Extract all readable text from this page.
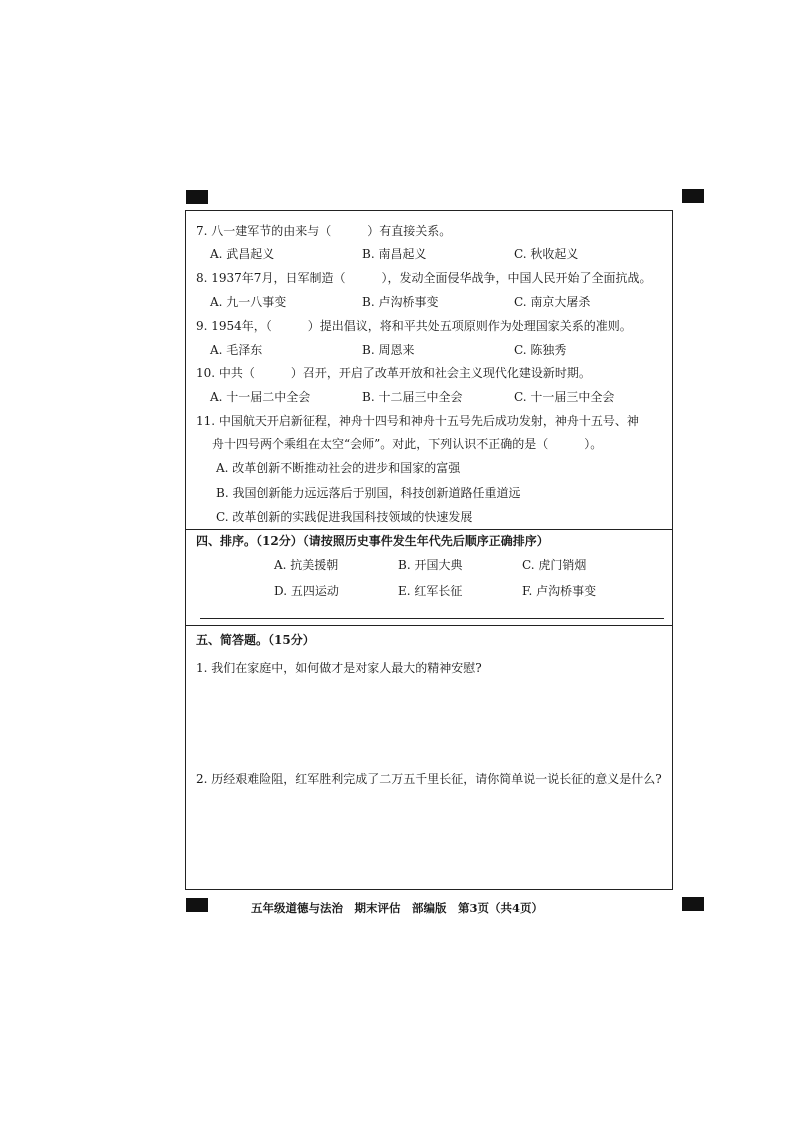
7. 八一建军节的由来与（　　　）有直接关系。
A. 武昌起义	B. 南昌起义	C. 秋收起义
8. 1937年7月，日军制造（　　　），发动全面侵华战争，中国人民开始了全面抗战。
A. 九一八事变	B. 卢沟桥事变	C. 南京大屠杀
9. 1954年，（　　　）提出倡议，将和平共处五项原则作为处理国家关系的准则。
A. 毛泽东	B. 周恩来	C. 陈独秀
10. 中共（　　　）召开，开启了改革开放和社会主义现代化建设新时期。
A. 十一届二中全会	B. 十二届三中全会	C. 十一届三中全会
11. 中国航天开启新征程，神舟十四号和神舟十五号先后成功发射，神舟十五号、神
舟十四号两个乘组在太空“会师”。对此，下列认识不正确的是（　　　）。
A. 改革创新不断推动社会的进步和国家的富强
B. 我国创新能力远远落后于别国，科技创新道路任重道远
C. 改革创新的实践促进我国科技领域的快速发展
四、排序。（12分）（请按照历史事件发生年代先后顺序正确排序）
A. 抗美援朝	B. 开国大典	C. 虎门销烟
D. 五四运动	E. 红军长征	F. 卢沟桥事变
五、简答题。（15分）
1. 我们在家庭中，如何做才是对家人最大的精神安慰?
2. 历经艰难险阻，红军胜利完成了二万五千里长征，请你简单说一说长征的意义是什么?
五年级道德与法治　期末评估　部编版　第3页（共4页）
